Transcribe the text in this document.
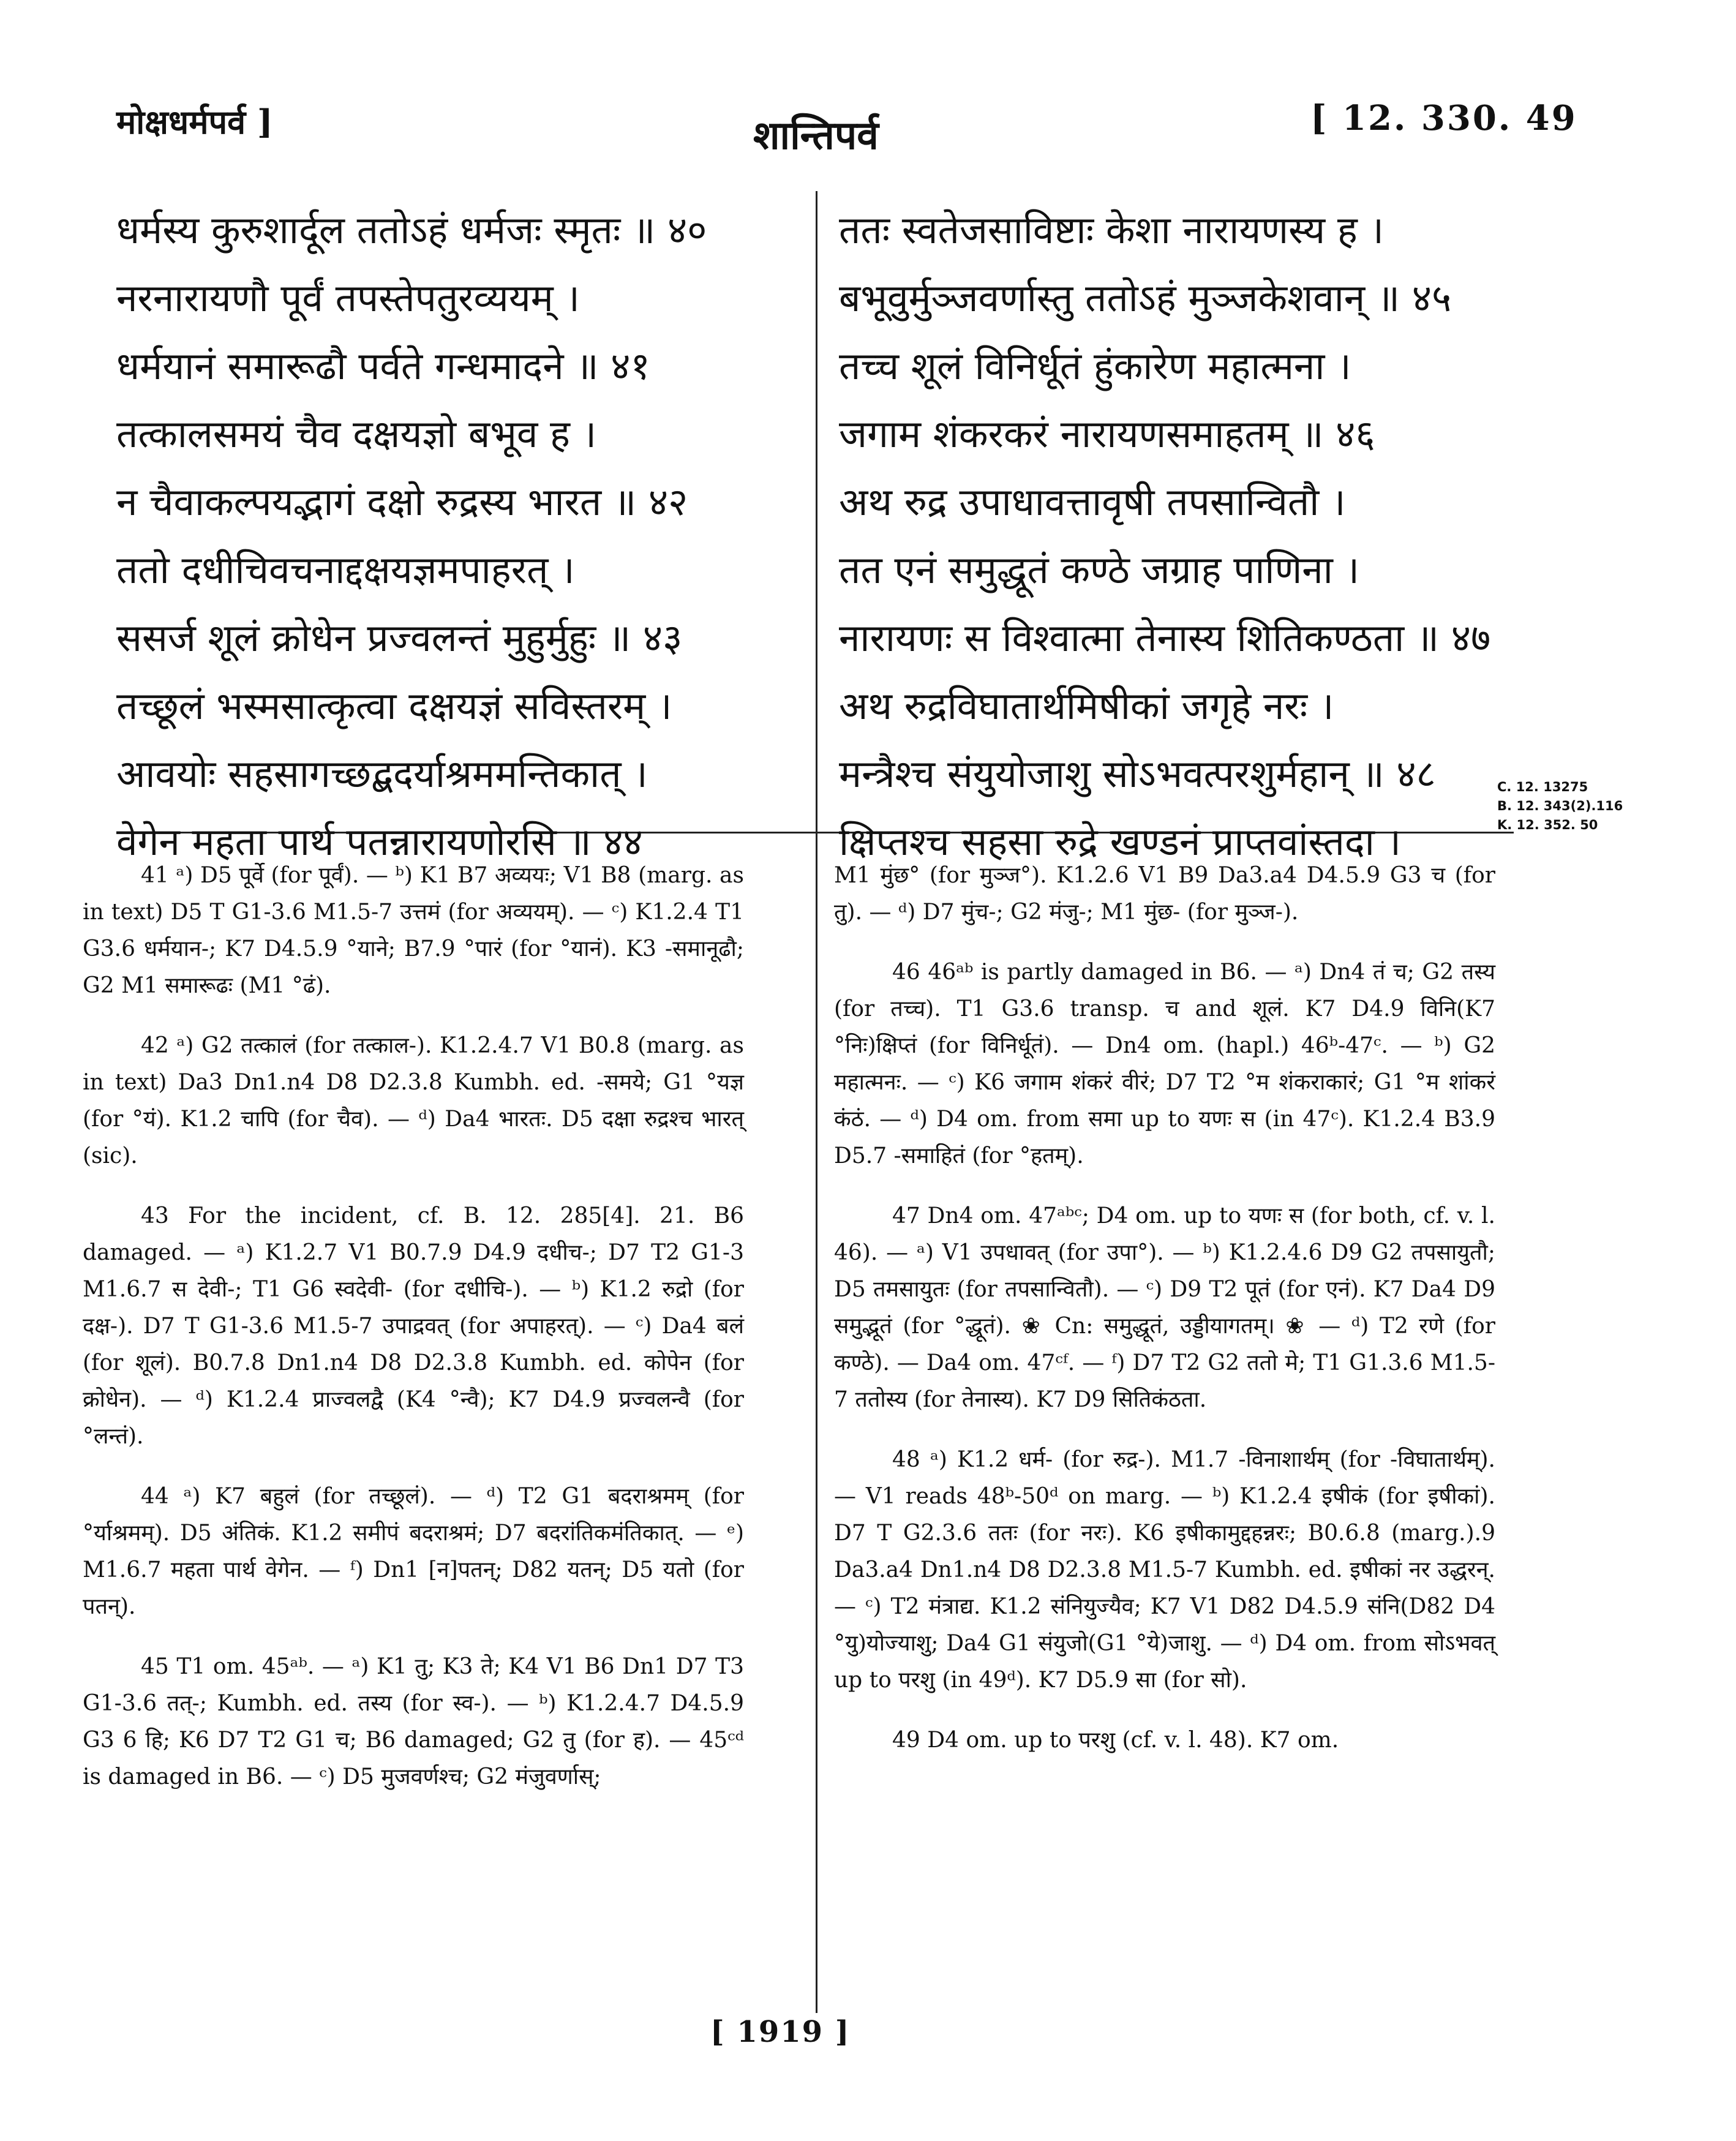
मोक्षधर्मपर्व ]	शान्तिपर्व	[ 12. 330. 49
धर्मस्य कुरुशार्दूल ततोऽहं धर्मजः स्मृतः ॥ ४०
नरनारायणौ पूर्वं तपस्तेपतुरव्ययम् ।
धर्मयानं समारूढौ पर्वते गन्धमादने ॥ ४१
तत्कालसमयं चैव दक्षयज्ञो बभूव ह ।
न चैवाकल्पयद्भागं दक्षो रुद्रस्य भारत ॥ ४२
ततो दधीचिवचनाद्दक्षयज्ञमपाहरत् ।
ससर्ज शूलं क्रोधेन प्रज्वलन्तं मुहुर्मुहुः ॥ ४३
तच्छूलं भस्मसात्कृत्वा दक्षयज्ञं सविस्तरम् ।
आवयोः सहसागच्छद्बदर्याश्रममन्तिकात् ।
वेगेन महता पार्थ पतन्नारायणोरसि ॥ ४४
ततः स्वतेजसाविष्टाः केशा नारायणस्य ह ।
बभूवुर्मुञ्जवर्णास्तु ततोऽहं मुञ्जकेशवान् ॥ ४५
तच्च शूलं विनिर्धूतं हुंकारेण महात्मना ।
जगाम शंकरकरं नारायणसमाहतम् ॥ ४६
अथ रुद्र उपाधावत्तावृषी तपसान्वितौ ।
तत एनं समुद्धूतं कण्ठे जग्राह पाणिना ।
नारायणः स विश्वात्मा तेनास्य शितिकण्ठता ॥ ४७
अथ रुद्रविघातार्थमिषीकां जगृहे नरः ।
मन्त्रैश्च संयुयोजाशु सोऽभवत्परशुर्महान् ॥ ४८
क्षिप्तश्च सहसा रुद्रे खण्डनं प्राप्तवांस्तदा ।
C. 12. 13275
B. 12. 343(2).116
K. 12. 352. 50
41 ᵃ) D5 पूर्वे (for पूर्वं). — ᵇ) K1 B7 अव्ययः; V1 B8 (marg. as in text) D5 T G1-3.6 M1.5-7 उत्तमं (for अव्ययम्). — ᶜ) K1.2.4 T1 G3.6 धर्मयान-; K7 D4.5.9 °याने; B7.9 °पारं (for °यानं). K3 -समानूढौ; G2 M1 समारूढः (M1 °ढं).
42 ᵃ) G2 तत्कालं (for तत्काल-). K1.2.4.7 V1 B0.8 (marg. as in text) Da3 Dn1.n4 D8 D2.3.8 Kumbh. ed. -समये; G1 °यज्ञ (for °यं). K1.2 चापि (for चैव). — ᵈ) Da4 भारतः. D5 दक्षा रुद्रश्च भारत् (sic).
43 For the incident, cf. B. 12. 285[4]. 21. B6 damaged. — ᵃ) K1.2.7 V1 B0.7.9 D4.9 दधीच-; D7 T2 G1-3 M1.6.7 स देवी-; T1 G6 स्वदेवी- (for दधीचि-). — ᵇ) K1.2 रुद्रो (for दक्ष-). D7 T G1-3.6 M1.5-7 उपाद्रवत् (for अपाहरत्). — ᶜ) Da4 बलं (for शूलं). B0.7.8 Dn1.n4 D8 D2.3.8 Kumbh. ed. कोपेन (for क्रोधेन). — ᵈ) K1.2.4 प्राज्वलद्वै (K4 °न्वै); K7 D4.9 प्रज्वलन्वै (for °लन्तं).
44 ᵃ) K7 बहुलं (for तच्छूलं). — ᵈ) T2 G1 बदराश्रमम् (for °र्याश्रमम्). D5 अंतिकं. K1.2 समीपं बदराश्रमं; D7 बदरांतिकमंतिकात्. — ᵉ) M1.6.7 महता पार्थ वेगेन. — ᶠ) Dn1 [न]पतन्; D82 यतन्; D5 यतो (for पतन्).
45 T1 om. 45ᵃᵇ. — ᵃ) K1 तु; K3 ते; K4 V1 B6 Dn1 D7 T3 G1-3.6 तत्-; Kumbh. ed. तस्य (for स्व-). — ᵇ) K1.2.4.7 D4.5.9 G3 6 हि; K6 D7 T2 G1 च; B6 damaged; G2 तु (for ह). — 45ᶜᵈ is damaged in B6. — ᶜ) D5 मुजवर्णश्च; G2 मंजुवर्णास्;
M1 मुंछ° (for मुञ्ज°). K1.2.6 V1 B9 Da3.a4 D4.5.9 G3 च (for तु). — ᵈ) D7 मुंच-; G2 मंजु-; M1 मुंछ- (for मुञ्ज-).
46 46ᵃᵇ is partly damaged in B6. — ᵃ) Dn4 तं च; G2 तस्य (for तच्च). T1 G3.6 transp. च and शूलं. K7 D4.9 विनि(K7 °निः)क्षिप्तं (for विनिर्धूतं). — Dn4 om. (hapl.) 46ᵇ-47ᶜ. — ᵇ) G2 महात्मनः. — ᶜ) K6 जगाम शंकरं वीरं; D7 T2 °म शंकराकारं; G1 °म शांकरं कंठं. — ᵈ) D4 om. from समा up to यणः स (in 47ᶜ). K1.2.4 B3.9 D5.7 -समाहितं (for °हतम्).
47 Dn4 om. 47ᵃᵇᶜ; D4 om. up to यणः स (for both, cf. v. l. 46). — ᵃ) V1 उपधावत् (for उपा°). — ᵇ) K1.2.4.6 D9 G2 तपसायुतौ; D5 तमसायुतः (for तपसान्वितौ). — ᶜ) D9 T2 पूतं (for एनं). K7 Da4 D9 समुद्भूतं (for °द्धूतं). ❀ Cn: समुद्धूतं, उड्डीयागतम्। ❀ — ᵈ) T2 रणे (for कण्ठे). — Da4 om. 47ᶜᶠ. — ᶠ) D7 T2 G2 ततो मे; T1 G1.3.6 M1.5-7 ततोस्य (for तेनास्य). K7 D9 सितिकंठता.
48 ᵃ) K1.2 धर्म- (for रुद्र-). M1.7 -विनाशार्थम् (for -विघातार्थम्). — V1 reads 48ᵇ-50ᵈ on marg. — ᵇ) K1.2.4 इषीकं (for इषीकां). D7 T G2.3.6 ततः (for नरः). K6 इषीकामुद्दहन्नरः; B0.6.8 (marg.).9 Da3.a4 Dn1.n4 D8 D2.3.8 M1.5-7 Kumbh. ed. इषीकां नर उद्धरन्. — ᶜ) T2 मंत्राद्य. K1.2 संनियुज्यैव; K7 V1 D82 D4.5.9 संनि(D82 D4 °यु)योज्याशु; Da4 G1 संयुजो(G1 °ये)जाशु. — ᵈ) D4 om. from सोऽभवत् up to परशु (in 49ᵈ). K7 D5.9 सा (for सो).
49 D4 om. up to परशु (cf. v. l. 48). K7 om.
[ 1919 ]
